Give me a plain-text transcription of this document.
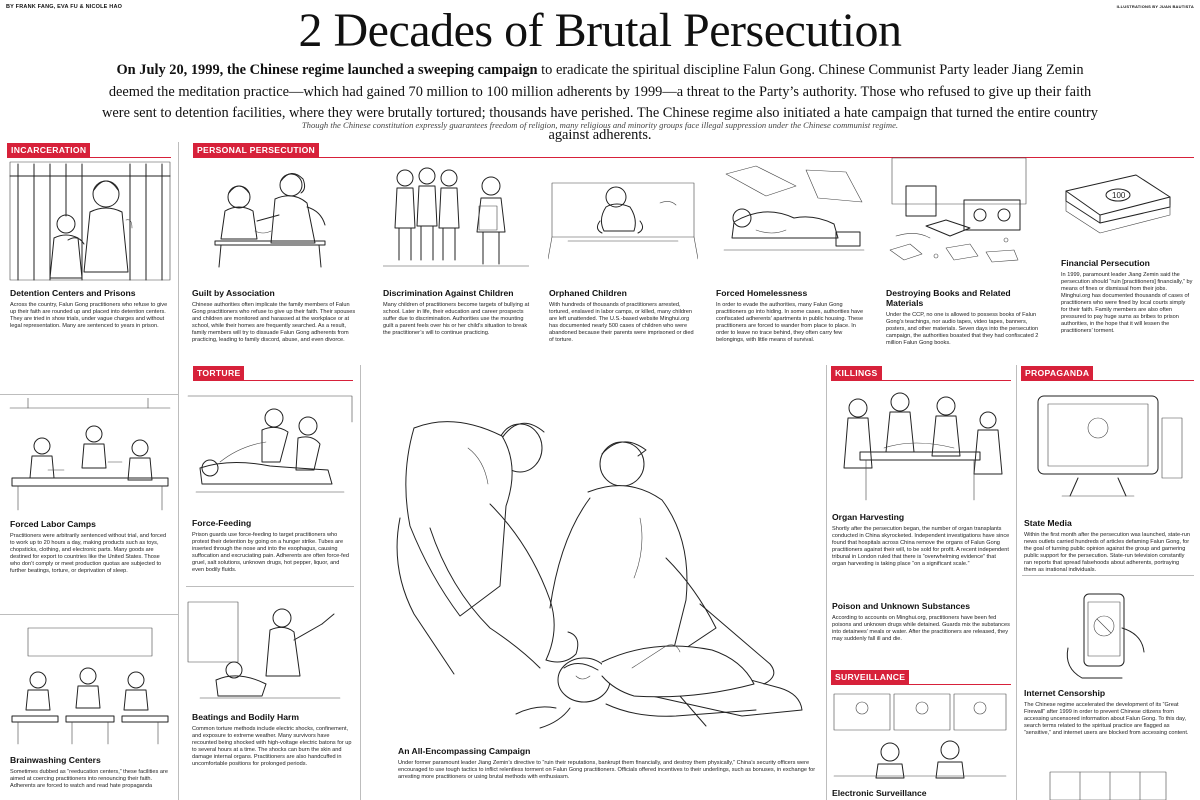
BY FRANK FANG, EVA FU & NICOLE HAO	ILLUSTRATIONS BY JUAN BAUTISTA
2 Decades of Brutal Persecution
On July 20, 1999, the Chinese regime launched a sweeping campaign to eradicate the spiritual discipline Falun Gong. Chinese Communist Party leader Jiang Zemin deemed the meditation practice—which had gained 70 million to 100 million adherents by 1999—a threat to the Party’s authority. Those who refused to give up their faith were sent to detention facilities, where they were brutally tortured; thousands have perished. The Chinese regime also initiated a hate campaign that turned the entire country against adherents.
Though the Chinese constitution expressly guarantees freedom of religion, many religious and minority groups face illegal suppression under the Chinese communist regime.
INCARCERATION	PERSONAL PERSECUTION
TORTURE	KILLINGS	PROPAGANDA
SURVEILLANCE
100
Detention Centers and Prisons

Across the country, Falun Gong practitioners who refuse to give up their faith are rounded up and placed into detention centers. They are tried in show trials, under vague charges and without legal representation. Many are sentenced to years in prison.

Guilt by Association

Chinese authorities often implicate the family members of Falun Gong practitioners who refuse to give up their faith. Their spouses and children are monitored and harassed at the workplace or at school, while their homes are frequently searched. As a result, family members will try to dissuade Falun Gong adherents from practicing, leading to family discord, abuse, and even divorce.

Discrimination Against Children

Many children of practitioners become targets of bullying at school. Later in life, their education and career prospects suffer due to discrimination. Authorities use the mounting guilt a parent feels over his or her child’s situation to break the practitioner’s will to continue practicing.

Orphaned Children

With hundreds of thousands of practitioners arrested, tortured, enslaved in labor camps, or killed, many children are left unattended. The U.S.-based website Minghui.org has documented nearly 500 cases of children who were abandoned because their parents were imprisoned or died of torture.

Forced Homelessness

In order to evade the authorities, many Falun Gong practitioners go into hiding. In some cases, authorities have confiscated adherents’ apartments in public housing. These practitioners are forced to wander from place to place. In order to leave no trace behind, they often carry few belongings, with little means of survival.

Destroying Books and Related Materials

Under the CCP, no one is allowed to possess books of Falun Gong’s teachings, nor audio tapes, video tapes, banners, posters, and other materials. Seven days into the persecution campaign, the authorities boasted that they had confiscated 2 million Falun Gong books.

Financial Persecution

In 1999, paramount leader Jiang Zemin said the persecution should “ruin [practitioners] financially,” by means of fines or dismissal from their jobs. Minghui.org has documented thousands of cases of practitioners who were fined by local courts simply for their faith. Family members are also often pressured to pay huge sums as bribes to prison authorities, in the hope that it will lessen the practitioners’ torment.

Forced Labor Camps

Practitioners were arbitrarily sentenced without trial, and forced to work up to 20 hours a day, making products such as toys, chopsticks, clothing, and electronic parts. Many goods are destined for export to countries like the United States. Those who don’t comply or meet production quotas are subjected to further beatings, torture, or deprivation of sleep.

Brainwashing Centers

Sometimes dubbed as “reeducation centers,” these facilities are aimed at coercing practitioners into renouncing their faith. Adherents are forced to watch and read hate propaganda

Force-Feeding

Prison guards use force-feeding to target practitioners who protest their detention by going on a hunger strike. Tubes are inserted through the nose and into the esophagus, causing suffocation and excruciating pain. Adherents are often force-fed gruel, salt solutions, unknown drugs, hot pepper, liquor, and even bodily fluids.

Beatings and Bodily Harm

Common torture methods include electric shocks, confinement, and exposure to extreme weather. Many survivors have recounted being shocked with high-voltage electric batons for up to several hours at a time. The shocks can burn the skin and damage internal organs. Practitioners are also handcuffed in uncomfortable positions for prolonged periods.

An All-Encompassing Campaign

Under former paramount leader Jiang Zemin’s directive to “ruin their reputations, bankrupt them financially, and destroy them physically,” China’s security officers were encouraged to use tough tactics to inflict relentless torment on Falun Gong practitioners. Officials offered incentives to their underlings, such as bonuses, in exchange for arresting more practitioners or using brutal methods with enthusiasm.

Organ Harvesting

Shortly after the persecution began, the number of organ transplants conducted in China skyrocketed. Independent investigations have since found that hospitals across China remove the organs of Falun Gong practitioners against their will, to be sold for profit. A recent independent tribunal in London ruled that there is “overwhelming evidence” that organ harvesting is taking place “on a significant scale.”

Poison and Unknown Substances

According to accounts on Minghui.org, practitioners have been fed poisons and unknown drugs while detained. Guards mix the substances into detainees’ meals or water. After the practitioners are released, they may suddenly fall ill and die.

Electronic Surveillance
State Media

Within the first month after the persecution was launched, state-run news outlets carried hundreds of articles defaming Falun Gong, for the goal of turning public opinion against the group and garnering public support for the persecution. State-run television constantly ran reports that spread falsehoods about adherents, portraying them as irrational individuals.

Internet Censorship

The Chinese regime accelerated the development of its “Great Firewall” after 1999 in order to prevent Chinese citizens from accessing uncensored information about Falun Gong. To this day, search terms related to the spiritual practice are flagged as “sensitive,” and internet users are blocked from accessing content.
